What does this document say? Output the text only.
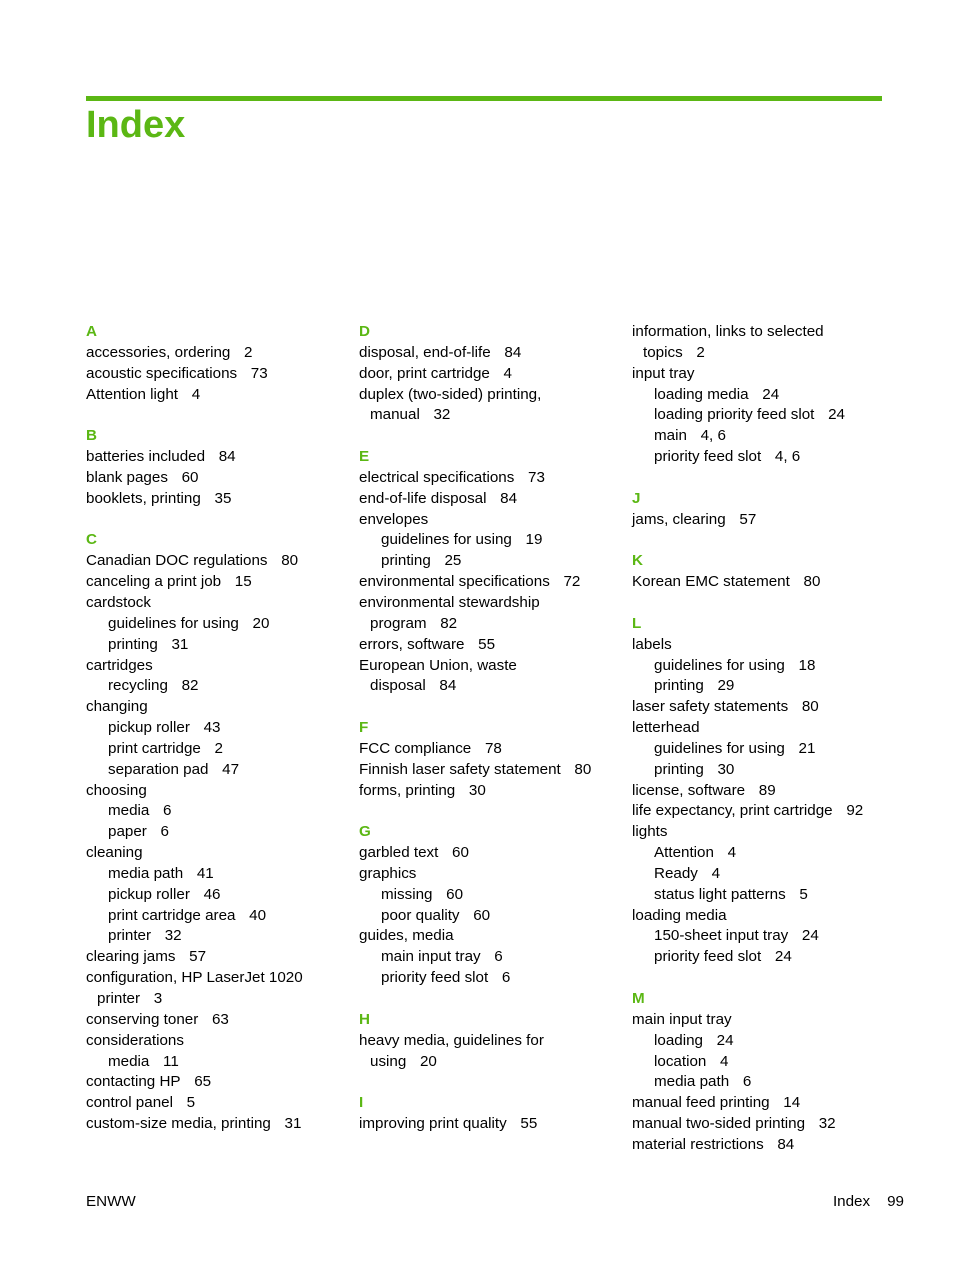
Index
A
accessories, ordering 2
acoustic specifications 73
Attention light 4
B
batteries included 84
blank pages 60
booklets, printing 35
C
Canadian DOC regulations 80
canceling a print job 15
cardstock
guidelines for using 20
printing 31
cartridges
recycling 82
changing
pickup roller 43
print cartridge 2
separation pad 47
choosing
media 6
paper 6
cleaning
media path 41
pickup roller 46
print cartridge area 40
printer 32
clearing jams 57
configuration, HP LaserJet 1020
printer 3
conserving toner 63
considerations
media 11
contacting HP 65
control panel 5
custom-size media, printing 31
D
disposal, end-of-life 84
door, print cartridge 4
duplex (two-sided) printing,
manual 32
E
electrical specifications 73
end-of-life disposal 84
envelopes
guidelines for using 19
printing 25
environmental specifications 72
environmental stewardship
program 82
errors, software 55
European Union, waste
disposal 84
F
FCC compliance 78
Finnish laser safety statement 80
forms, printing 30
G
garbled text 60
graphics
missing 60
poor quality 60
guides, media
main input tray 6
priority feed slot 6
H
heavy media, guidelines for
using 20
I
improving print quality 55
information, links to selected
topics 2
input tray
loading media 24
loading priority feed slot 24
main 4, 6
priority feed slot 4, 6
J
jams, clearing 57
K
Korean EMC statement 80
L
labels
guidelines for using 18
printing 29
laser safety statements 80
letterhead
guidelines for using 21
printing 30
license, software 89
life expectancy, print cartridge 92
lights
Attention 4
Ready 4
status light patterns 5
loading media
150-sheet input tray 24
priority feed slot 24
M
main input tray
loading 24
location 4
media path 6
manual feed printing 14
manual two-sided printing 32
material restrictions 84
ENWW	Index 99
